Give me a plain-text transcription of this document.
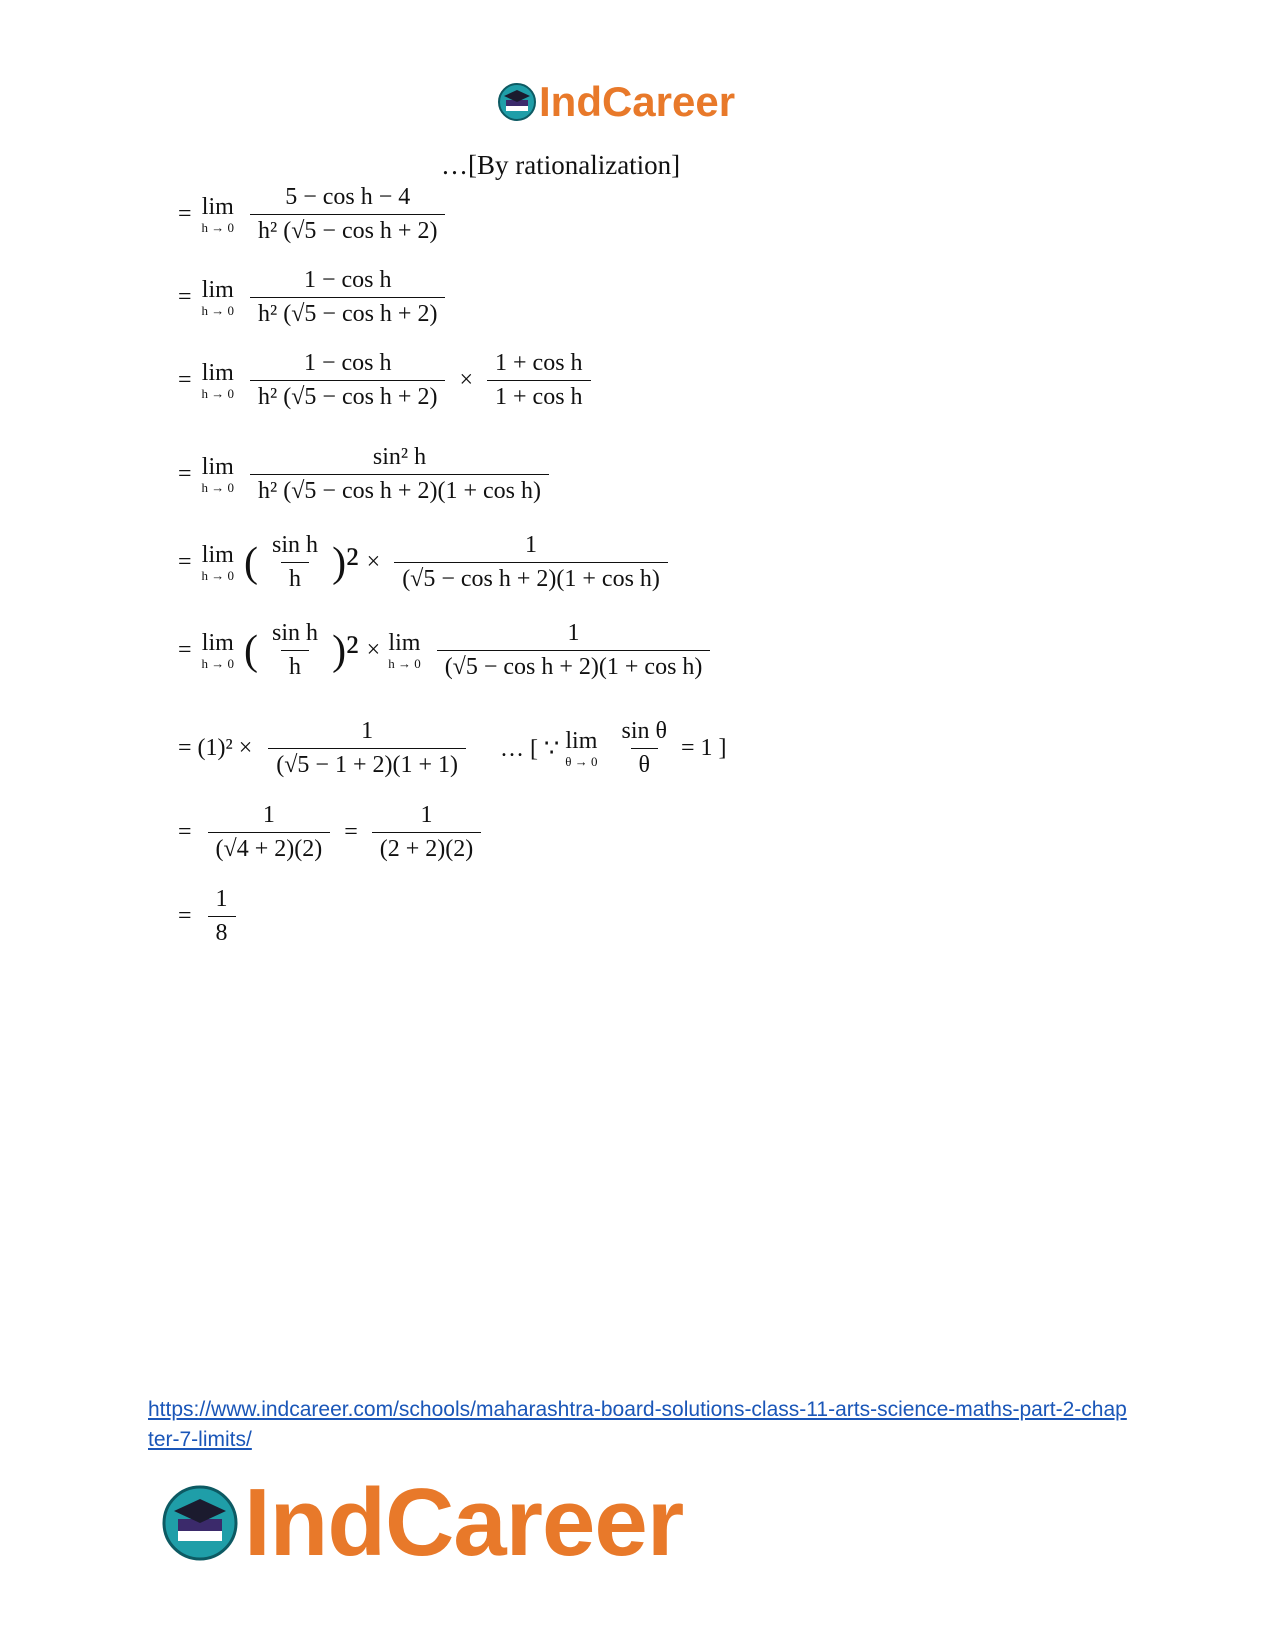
IndCareer
…[By rationalization]
= lim
$h \to 0 \frac{\text{5 − cos h − 4}}{\text{h² (√5 − cos h + 2)}}$
= lim
$h \to 0 \frac{\text{1 − cos h}}{\text{h² (√5 − cos h + 2)}}$
= lim
$h \to 0 \frac{\text{1 − cos h}}{\text{h² (√5 − cos h + 2)}} \times \frac{\text{1 + cos h}}{\text{1 + cos h}}$
= lim
$h \to 0 \frac{\text{sin² h}}{\text{h² (√5 − cos h + 2)(1 + cos h)}}$
= lim
h → 0 ( $\frac{\text{sin h}}{h} )^2 \times \frac{1}{\text{(√5 − cos h + 2)(1 + cos h)}}$
= lim
h → 0 ( $\frac{\text{sin h}}{h} )^2 \times \lim$
$h \to 0 \frac{1}{\text{(√5 − cos h + 2)(1 + cos h)}}$
= $(1)^2 \times \frac{1}{(√5 - 1 + 2)(1 + 1)}$ … [ ∵ lim
$\theta \to 0 \frac{\text{sin θ}}{\theta} = 1$ ]
= $\frac{1}{(√4 + 2)(2)} = \frac{1}{(2 + 2)(2)}$
= $\frac{1}{8}$
https://www.indcareer.com/schools/maharashtra-board-solutions-class-11-arts-science-maths-part-2-chapter-7-limits/
IndCareer
